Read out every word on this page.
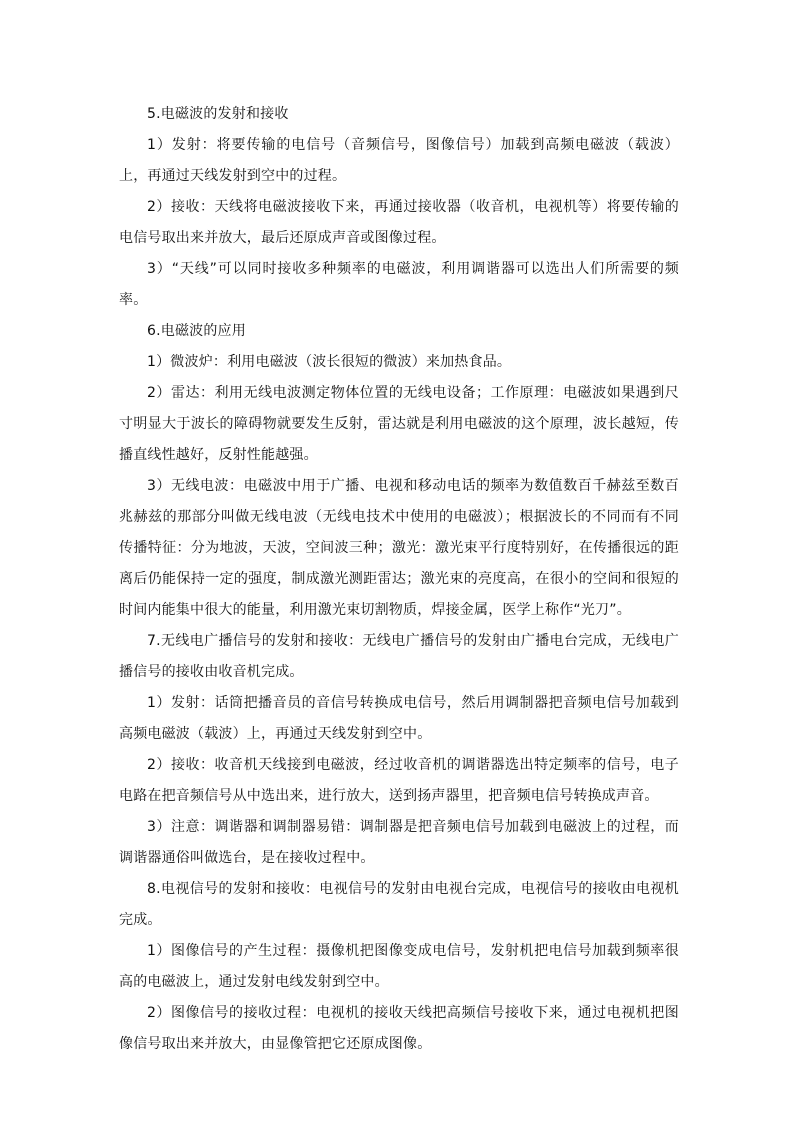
5.电磁波的发射和接收

1）发射：将要传输的电信号（音频信号，图像信号）加载到高频电磁波（载波）上，再通过天线发射到空中的过程。

2）接收：天线将电磁波接收下来，再通过接收器（收音机，电视机等）将要传输的电信号取出来并放大，最后还原成声音或图像过程。

3）“天线”可以同时接收多种频率的电磁波，利用调谐器可以选出人们所需要的频率。

6.电磁波的应用

1）微波炉：利用电磁波（波长很短的微波）来加热食品。

2）雷达：利用无线电波测定物体位置的无线电设备；工作原理：电磁波如果遇到尺寸明显大于波长的障碍物就要发生反射，雷达就是利用电磁波的这个原理，波长越短，传播直线性越好，反射性能越强。

3）无线电波：电磁波中用于广播、电视和移动电话的频率为数值数百千赫兹至数百兆赫兹的那部分叫做无线电波（无线电技术中使用的电磁波）；根据波长的不同而有不同传播特征：分为地波，天波，空间波三种；激光：激光束平行度特别好，在传播很远的距离后仍能保持一定的强度，制成激光测距雷达；激光束的亮度高，在很小的空间和很短的时间内能集中很大的能量，利用激光束切割物质，焊接金属，医学上称作“光刀”。

7.无线电广播信号的发射和接收：无线电广播信号的发射由广播电台完成，无线电广播信号的接收由收音机完成。

1）发射：话筒把播音员的音信号转换成电信号，然后用调制器把音频电信号加载到高频电磁波（载波）上，再通过天线发射到空中。

2）接收：收音机天线接到电磁波，经过收音机的调谐器选出特定频率的信号，电子电路在把音频信号从中选出来，进行放大，送到扬声器里，把音频电信号转换成声音。

3）注意：调谐器和调制器易错：调制器是把音频电信号加载到电磁波上的过程，而调谐器通俗叫做选台，是在接收过程中。

8.电视信号的发射和接收：电视信号的发射由电视台完成，电视信号的接收由电视机完成。

1）图像信号的产生过程：摄像机把图像变成电信号，发射机把电信号加载到频率很高的电磁波上，通过发射电线发射到空中。

2）图像信号的接收过程：电视机的接收天线把高频信号接收下来，通过电视机把图像信号取出来并放大，由显像管把它还原成图像。
